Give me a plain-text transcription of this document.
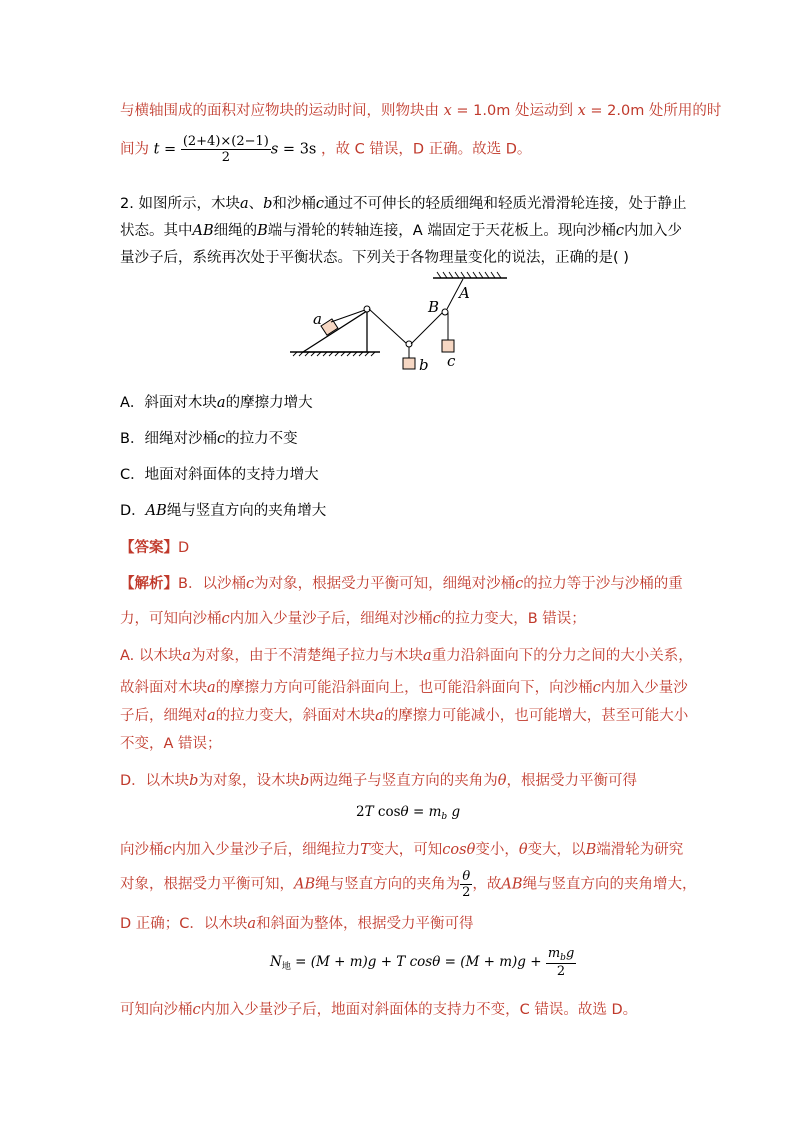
与横轴围成的面积对应物块的运动时间，则物块由 x = 1.0m 处运动到 x = 2.0m 处所用的时
间为 $t = \frac{(2+4)\times(2-1)}{2}$ s = 3s ，故 C 错误，D 正确。故选 D。
2. 如图所示，木块a、b和沙桶c通过不可伸长的轻质细绳和轻质光滑滑轮连接，处于静止
状态。其中AB细绳的B端与滑轮的转轴连接，A 端固定于天花板上。现向沙桶c内加入少
量沙子后，系统再次处于平衡状态。下列关于各物理量变化的说法，正确的是( )
a
b c
A
B
A．斜面对木块a的摩擦力增大
B．细绳对沙桶c的拉力不变
C．地面对斜面体的支持力增大
D．AB绳与竖直方向的夹角增大
【答案】D
【解析】B．以沙桶c为对象，根据受力平衡可知，细绳对沙桶c的拉力等于沙与沙桶的重
力，可知向沙桶c内加入少量沙子后，细绳对沙桶c的拉力变大，B 错误；
A. 以木块a为对象，由于不清楚绳子拉力与木块a重力沿斜面向下的分力之间的大小关系，
故斜面对木块a的摩擦力方向可能沿斜面向上，也可能沿斜面向下，向沙桶c内加入少量沙
子后，细绳对a的拉力变大，斜面对木块a的摩擦力可能减小，也可能增大，甚至可能大小
不变，A 错误；
D．以木块b为对象，设木块b两边绳子与竖直方向的夹角为θ，根据受力平衡可得
2T $\cos\theta = m_b$ g
向沙桶c内加入少量沙子后，细绳拉力T变大，可知cosθ变小，θ变大，以B端滑轮为研究
对象，根据受力平衡可知，AB绳与竖直方向的夹角为 $\frac{\theta}{2}$ ，故AB绳与竖直方向的夹角增大，
D 正确；C．以木块a和斜面为整体，根据受力平衡可得
$N_地 = (M + m)g + T$ $\cos\theta = (M + m)g + \frac{m_bg}{2}$
可知向沙桶c内加入少量沙子后，地面对斜面体的支持力不变，C 错误。故选 D。
